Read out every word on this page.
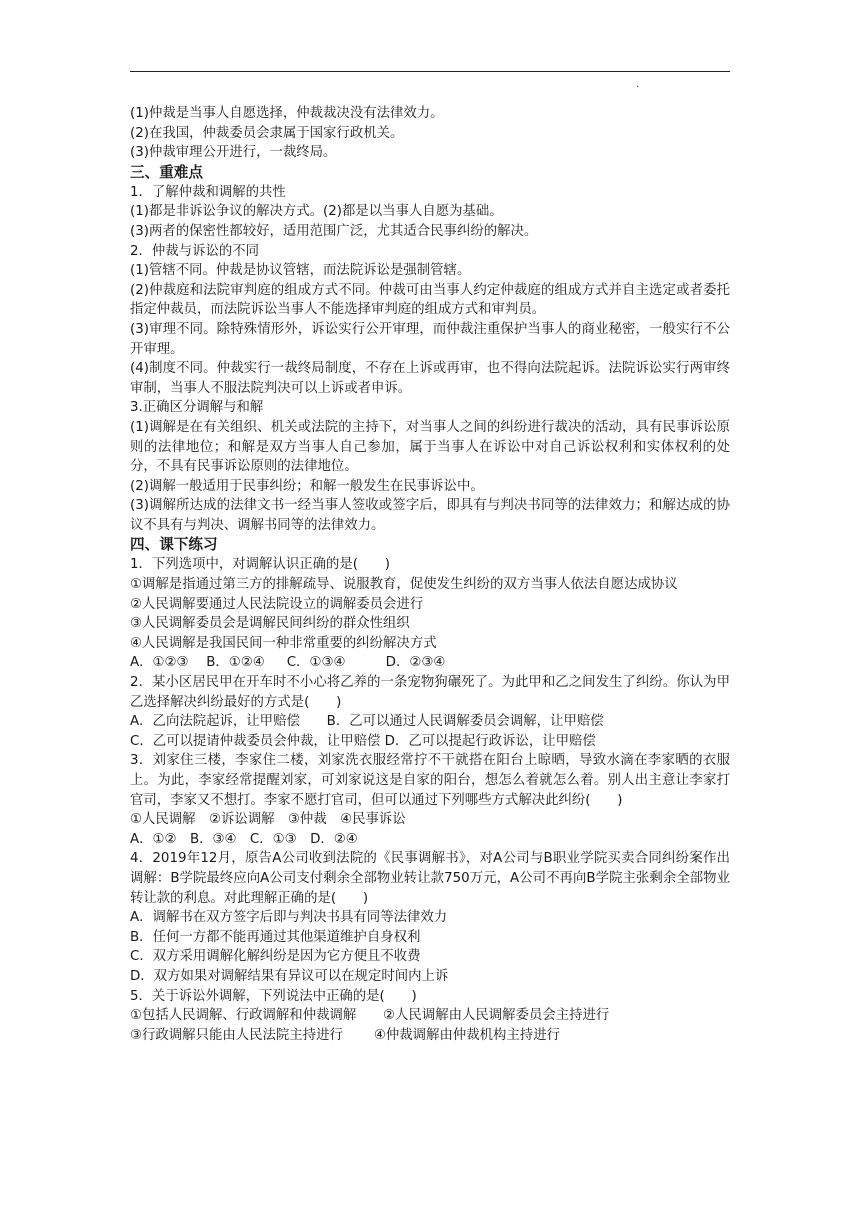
.
(1)仲裁是当事人自愿选择，仲裁裁决没有法律效力。
(2)在我国，仲裁委员会隶属于国家行政机关。
(3)仲裁审理公开进行，一裁终局。
三、重难点
1．了解仲裁和调解的共性
(1)都是非诉讼争议的解决方式。(2)都是以当事人自愿为基础。
(3)两者的保密性都较好，适用范围广泛，尤其适合民事纠纷的解决。
2．仲裁与诉讼的不同
(1)管辖不同。仲裁是协议管辖，而法院诉讼是强制管辖。
(2)仲裁庭和法院审判庭的组成方式不同。仲裁可由当事人约定仲裁庭的组成方式并自主选定或者委托指定仲裁员，而法院诉讼当事人不能选择审判庭的组成方式和审判员。
(3)审理不同。除特殊情形外，诉讼实行公开审理，而仲裁注重保护当事人的商业秘密，一般实行不公开审理。
(4)制度不同。仲裁实行一裁终局制度，不存在上诉或再审，也不得向法院起诉。法院诉讼实行两审终审制，当事人不服法院判决可以上诉或者申诉。
3.正确区分调解与和解
(1)调解是在有关组织、机关或法院的主持下，对当事人之间的纠纷进行裁决的活动，具有民事诉讼原则的法律地位；和解是双方当事人自己参加，属于当事人在诉讼中对自己诉讼权利和实体权利的处分，不具有民事诉讼原则的法律地位。
(2)调解一般适用于民事纠纷；和解一般发生在民事诉讼中。
(3)调解所达成的法律文书一经当事人签收或签字后，即具有与判决书同等的法律效力；和解达成的协议不具有与判决、调解书同等的法律效力。
四、课下练习
1．下列选项中，对调解认识正确的是(　　)
①调解是指通过第三方的排解疏导、说服教育，促使发生纠纷的双方当事人依法自愿达成协议
②人民调解要通过人民法院设立的调解委员会进行
③人民调解委员会是调解民间纠纷的群众性组织
④人民调解是我国民间一种非常重要的纠纷解决方式
A．①②③　 B．①②④ 　 C．①③④　　　D．②③④
2．某小区居民甲在开车时不小心将乙养的一条宠物狗碾死了。为此甲和乙之间发生了纠纷。你认为甲乙选择解决纠纷最好的方式是(　　)
A．乙向法院起诉，让甲赔偿　　B．乙可以通过人民调解委员会调解，让甲赔偿
C．乙可以提请仲裁委员会仲裁，让甲赔偿 D．乙可以提起行政诉讼，让甲赔偿
3．刘家住三楼，李家住二楼，刘家洗衣服经常拧不干就搭在阳台上晾晒，导致水滴在李家晒的衣服上。为此，李家经常提醒刘家，可刘家说这是自家的阳台，想怎么着就怎么着。别人出主意让李家打官司，李家又不想打。李家不愿打官司，但可以通过下列哪些方式解决此纠纷(　　)
①人民调解　②诉讼调解　③仲裁　④民事诉讼
A．①②　B．③④　C．①③　D．②④
4．2019年12月，原告A公司收到法院的《民事调解书》，对A公司与B职业学院买卖合同纠纷案作出调解：B学院最终应向A公司支付剩余全部物业转让款750万元，A公司不再向B学院主张剩余全部物业转让款的利息。对此理解正确的是(　　)
A．调解书在双方签字后即与判决书具有同等法律效力
B．任何一方都不能再通过其他渠道维护自身权利
C．双方采用调解化解纠纷是因为它方便且不收费
D．双方如果对调解结果有异议可以在规定时间内上诉
5．关于诉讼外调解，下列说法中正确的是(　　)
①包括人民调解、行政调解和仲裁调解　　②人民调解由人民调解委员会主持进行
③行政调解只能由人民法院主持进行　　 ④仲裁调解由仲裁机构主持进行
